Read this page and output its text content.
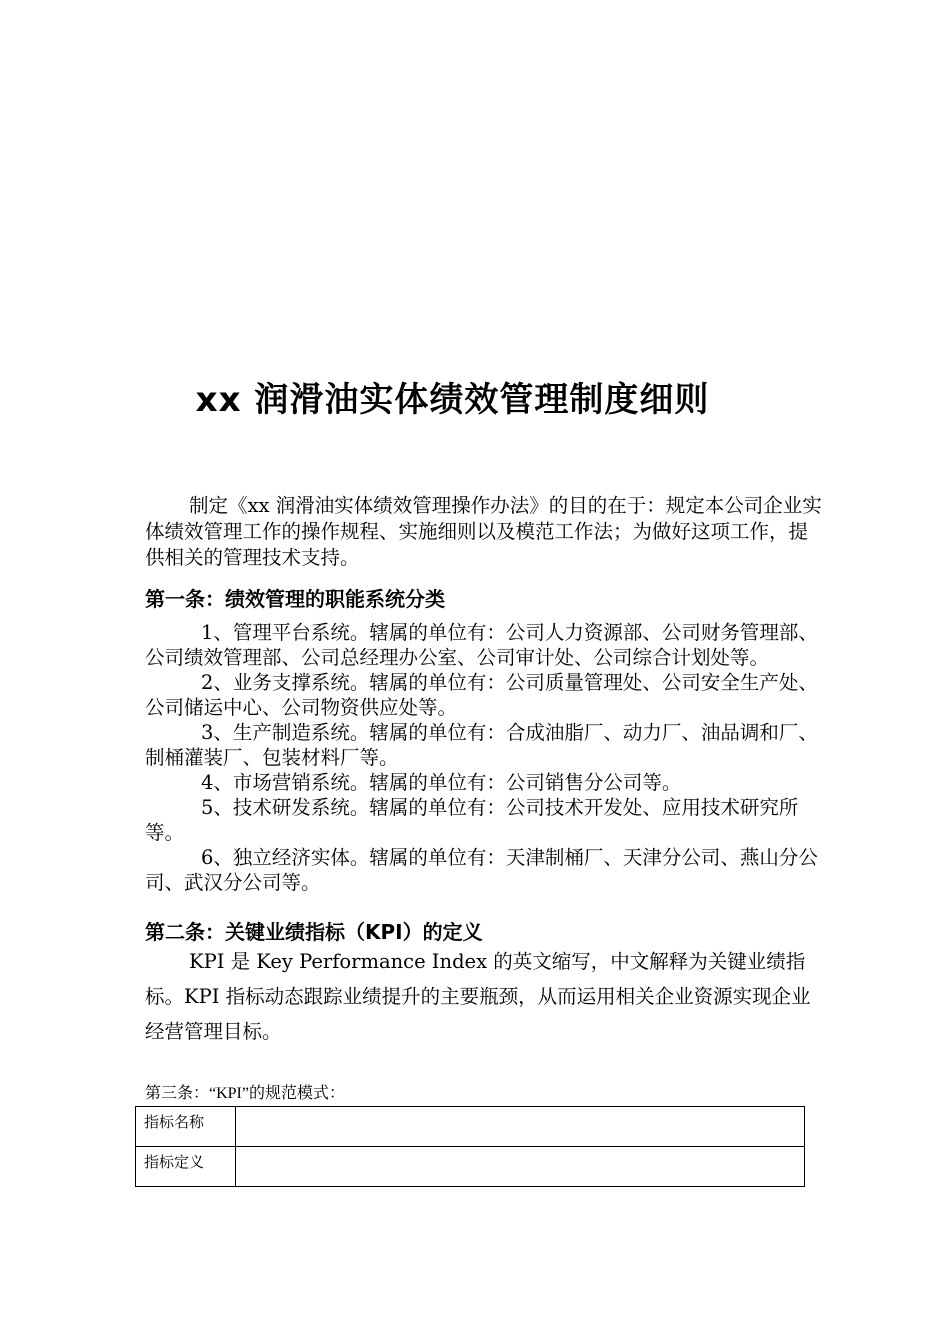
xx 润滑油实体绩效管理制度细则

制定《xx 润滑油实体绩效管理操作办法》的目的在于：规定本公司企业实体绩效管理工作的操作规程、实施细则以及模范工作法；为做好这项工作，提供相关的管理技术支持。

第一条：绩效管理的职能系统分类
1、管理平台系统。辖属的单位有：公司人力资源部、公司财务管理部、公司绩效管理部、公司总经理办公室、公司审计处、公司综合计划处等。
2、业务支撑系统。辖属的单位有：公司质量管理处、公司安全生产处、公司储运中心、公司物资供应处等。
3、生产制造系统。辖属的单位有：合成油脂厂、动力厂、油品调和厂、制桶灌装厂、包装材料厂等。
4、市场营销系统。辖属的单位有：公司销售分公司等。
5、技术研发系统。辖属的单位有：公司技术开发处、应用技术研究所等。
6、独立经济实体。辖属的单位有：天津制桶厂、天津分公司、燕山分公司、武汉分公司等。
第二条：关键业绩指标（KPI）的定义

KPI 是 Key Performance Index 的英文缩写，中文解释为关键业绩指标。KPI 指标动态跟踪业绩提升的主要瓶颈，从而运用相关企业资源实现企业经营管理目标。

第三条：“KPI”的规范模式：

指标名称	
指标定义	
